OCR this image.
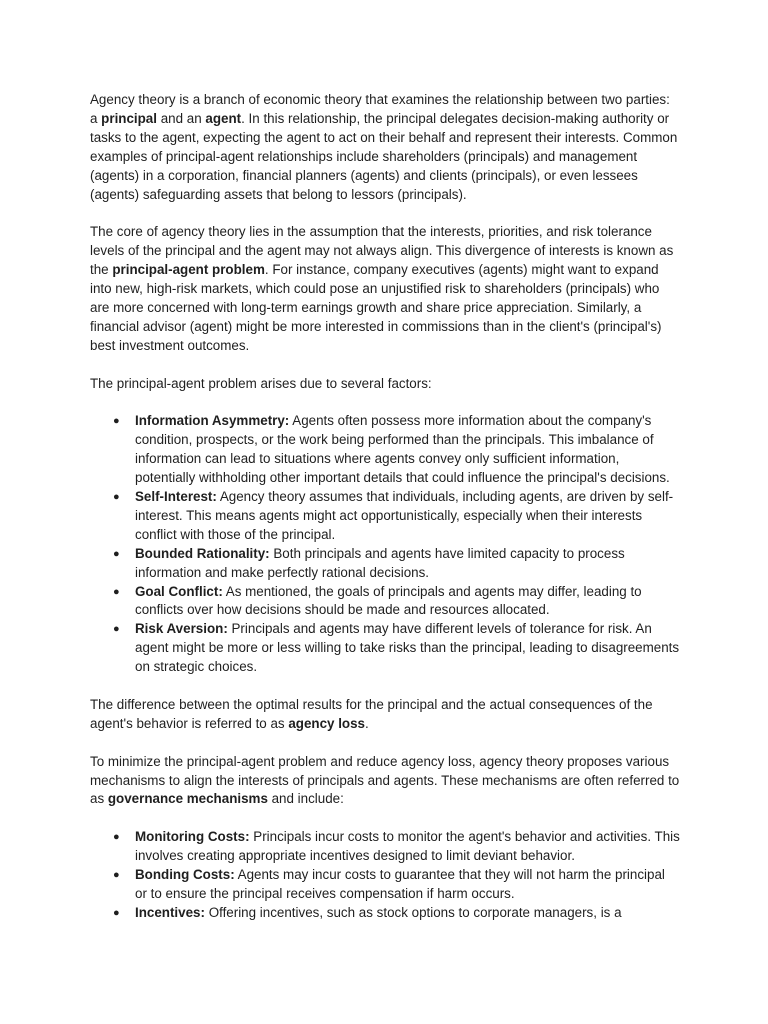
Agency theory is a branch of economic theory that examines the relationship between two parties: a principal and an agent. In this relationship, the principal delegates decision-making authority or tasks to the agent, expecting the agent to act on their behalf and represent their interests. Common examples of principal-agent relationships include shareholders (principals) and management (agents) in a corporation, financial planners (agents) and clients (principals), or even lessees (agents) safeguarding assets that belong to lessors (principals).

The core of agency theory lies in the assumption that the interests, priorities, and risk tolerance levels of the principal and the agent may not always align. This divergence of interests is known as the principal-agent problem. For instance, company executives (agents) might want to expand into new, high-risk markets, which could pose an unjustified risk to shareholders (principals) who are more concerned with long-term earnings growth and share price appreciation. Similarly, a financial advisor (agent) might be more interested in commissions than in the client's (principal's) best investment outcomes.

The principal-agent problem arises due to several factors:

● Information Asymmetry: Agents often possess more information about the company's condition, prospects, or the work being performed than the principals. This imbalance of information can lead to situations where agents convey only sufficient information, potentially withholding other important details that could influence the principal's decisions.
● Self-Interest: Agency theory assumes that individuals, including agents, are driven by self-interest. This means agents might act opportunistically, especially when their interests conflict with those of the principal.
● Bounded Rationality: Both principals and agents have limited capacity to process information and make perfectly rational decisions.
● Goal Conflict: As mentioned, the goals of principals and agents may differ, leading to conflicts over how decisions should be made and resources allocated.
● Risk Aversion: Principals and agents may have different levels of tolerance for risk. An agent might be more or less willing to take risks than the principal, leading to disagreements on strategic choices.

The difference between the optimal results for the principal and the actual consequences of the agent's behavior is referred to as agency loss.

To minimize the principal-agent problem and reduce agency loss, agency theory proposes various mechanisms to align the interests of principals and agents. These mechanisms are often referred to as governance mechanisms and include:

● Monitoring Costs: Principals incur costs to monitor the agent's behavior and activities. This involves creating appropriate incentives designed to limit deviant behavior.
● Bonding Costs: Agents may incur costs to guarantee that they will not harm the principal or to ensure the principal receives compensation if harm occurs.
● Incentives: Offering incentives, such as stock options to corporate managers, is a
